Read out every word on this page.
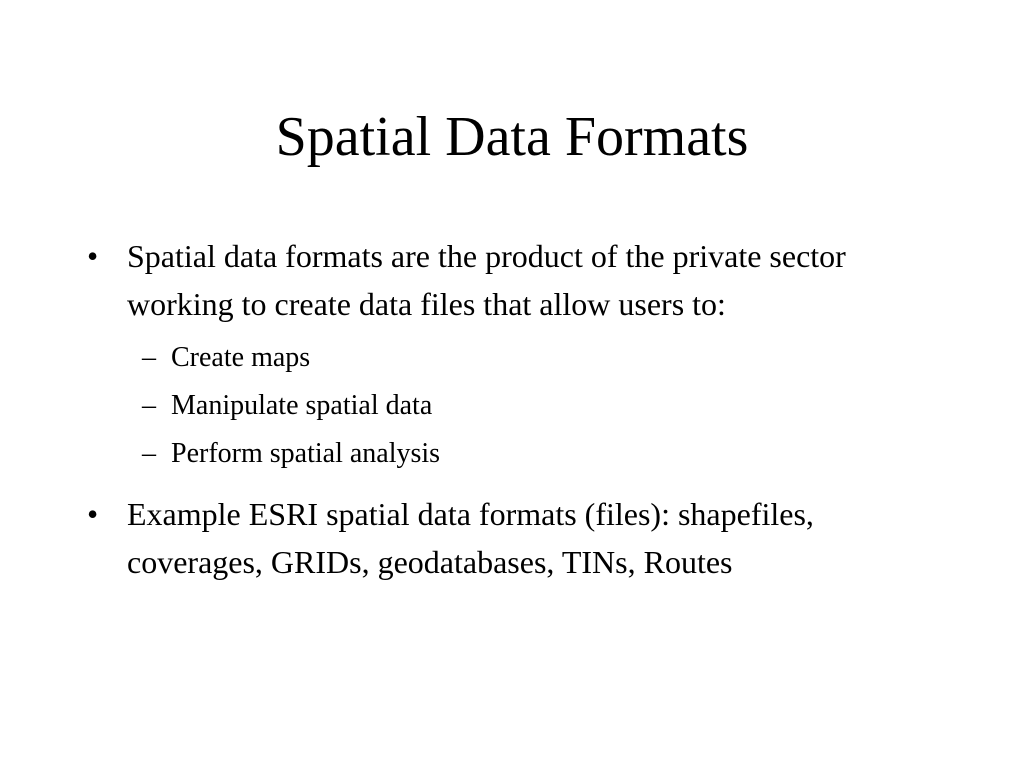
Spatial Data Formats
• Spatial data formats are the product of the private sector working to create data files that allow users to:
– Create maps
– Manipulate spatial data
– Perform spatial analysis
• Example ESRI spatial data formats (files): shapefiles, coverages, GRIDs, geodatabases, TINs, Routes
